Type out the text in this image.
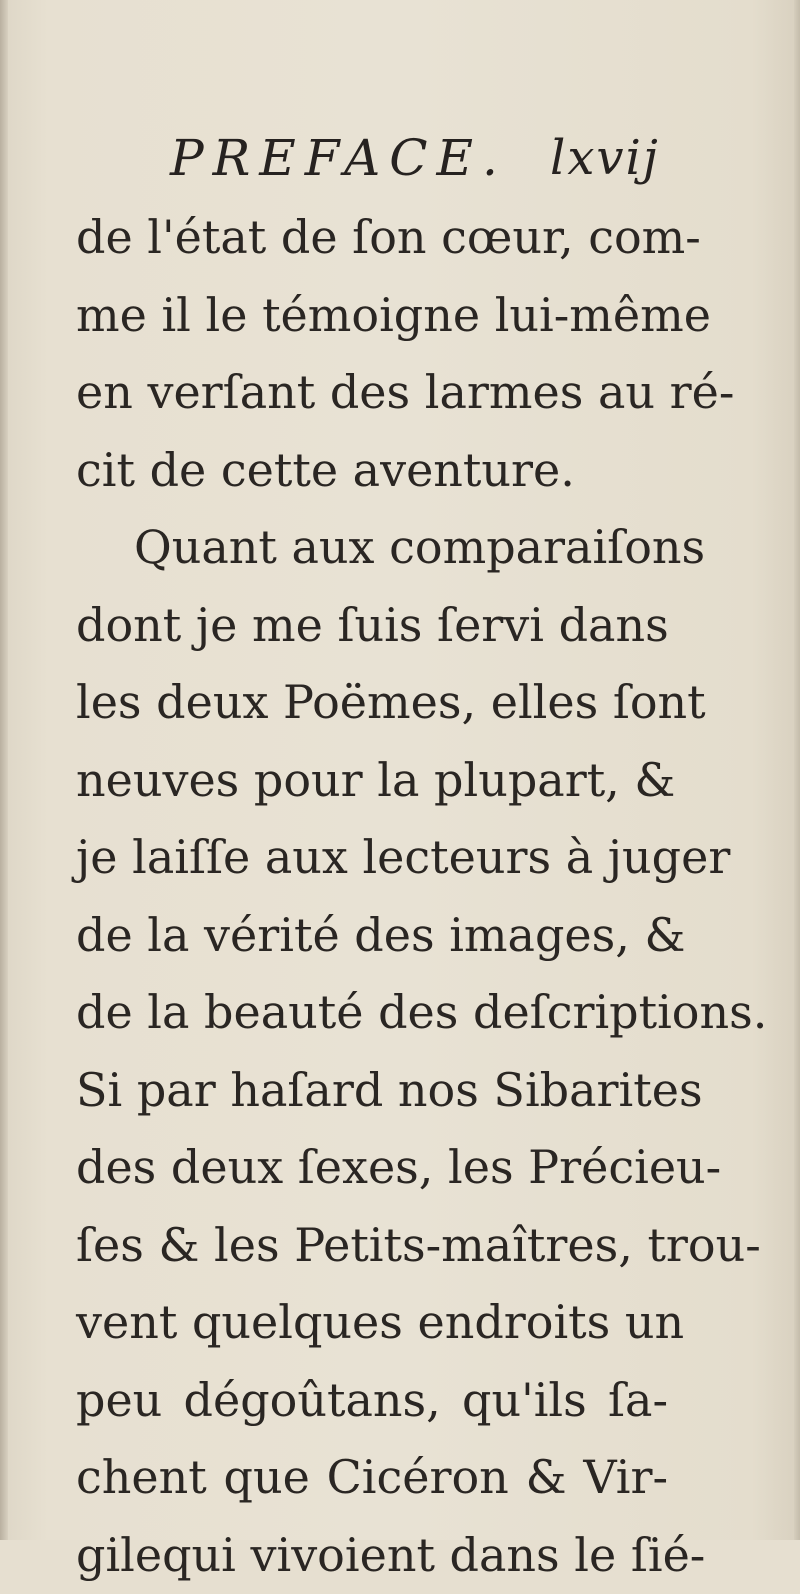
PREFACE. lxvij
de l'état de ſon cœur, com-
me il le témoigne lui-même
en verſant des larmes au ré-
cit de cette aventure.
Quant aux comparaiſons
dont je me ſuis ſervi dans
les deux Poëmes, elles ſont
neuves pour la plupart, &
je laiſſe aux lecteurs à juger
de la vérité des images, &
de la beauté des deſcriptions.
Si par haſard nos Sibarites
des deux ſexes, les Précieu-
ſes & les Petits-maîtres, trou-
vent quelques endroits un
peu dégoûtans, qu'ils ſa-
chent que Cicéron & Vir-
gilequi vivoient dans le ſié-
